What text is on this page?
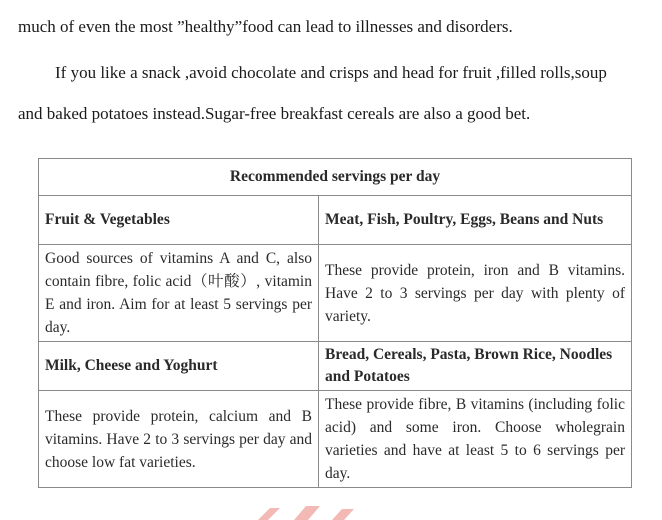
much of even the most ”healthy”food can lead to illnesses and disorders.
If you like a snack ,avoid chocolate and crisps and head for fruit ,filled rolls,soup
and baked potatoes instead.Sugar-free breakfast cereals are also a good bet.
Recommended servings per day	
Fruit & Vegetables	Meat, Fish, Poultry, Eggs, Beans and Nuts
Good sources of vitamins A and C, also contain fibre, folic acid（叶酸）, vitamin E and iron. Aim for at least 5 servings per day.	These provide protein, iron and B vitamins. Have 2 to 3 servings per day with plenty of variety.
Milk, Cheese and Yoghurt	Bread, Cereals, Pasta, Brown Rice, Noodles and Potatoes
These provide protein, calcium and B vitamins. Have 2 to 3 servings per day and choose low fat varieties.	These provide fibre, B vitamins (including folic acid) and some iron. Choose wholegrain varieties and have at least 5 to 6 servings per day.
